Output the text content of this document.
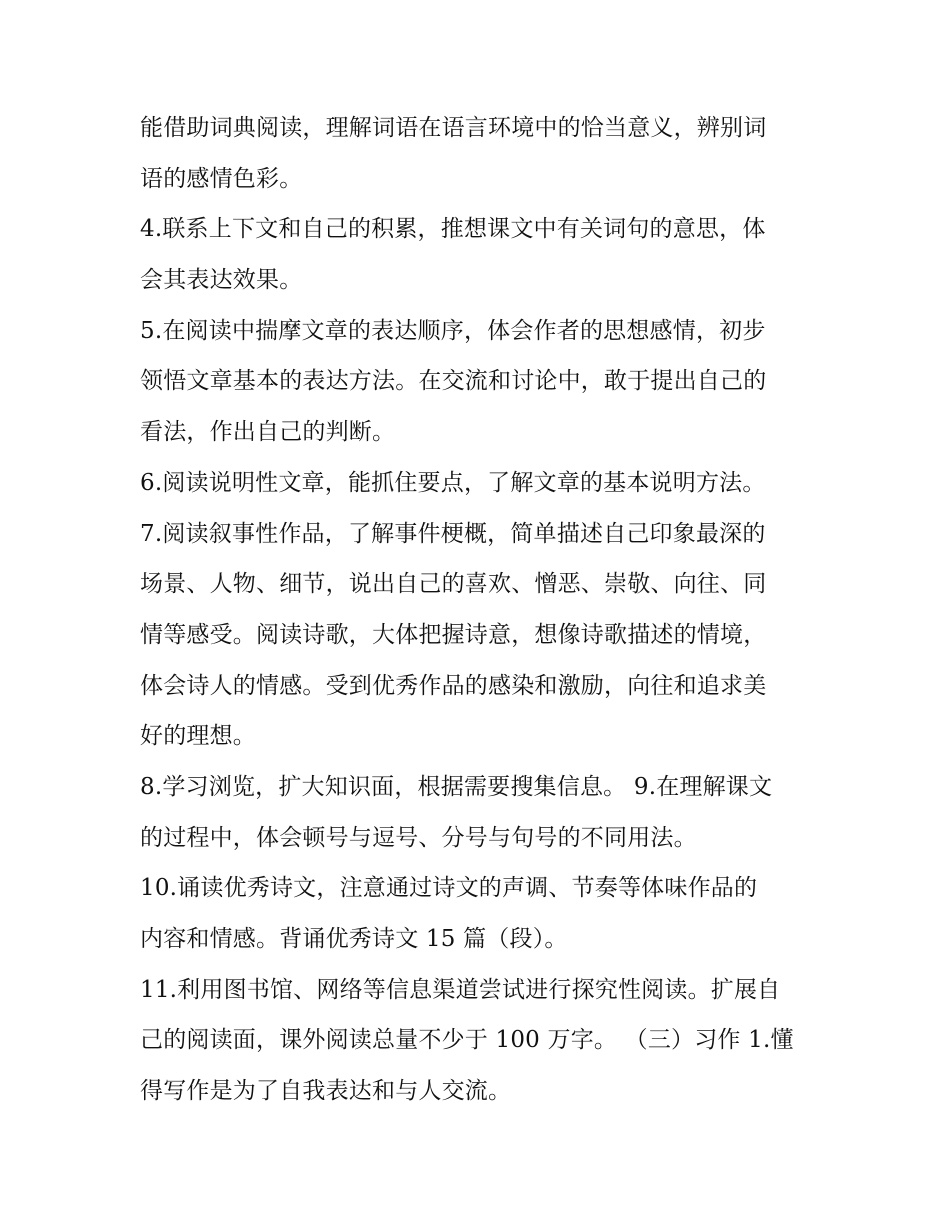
能借助词典阅读，理解词语在语言环境中的恰当意义，辨别词
语的感情色彩。
4.联系上下文和自己的积累，推想课文中有关词句的意思，体
会其表达效果。
5.在阅读中揣摩文章的表达顺序，体会作者的思想感情，初步
领悟文章基本的表达方法。在交流和讨论中，敢于提出自己的
看法，作出自己的判断。
6.阅读说明性文章，能抓住要点，了解文章的基本说明方法。
7.阅读叙事性作品，了解事件梗概，简单描述自己印象最深的
场景、人物、细节，说出自己的喜欢、憎恶、崇敬、向往、同
情等感受。阅读诗歌，大体把握诗意，想像诗歌描述的情境，
体会诗人的情感。受到优秀作品的感染和激励，向往和追求美
好的理想。
8.学习浏览，扩大知识面，根据需要搜集信息。 9.在理解课文
的过程中，体会顿号与逗号、分号与句号的不同用法。
10.诵读优秀诗文，注意通过诗文的声调、节奏等体味作品的
内容和情感。背诵优秀诗文 15 篇（段）。
11.利用图书馆、网络等信息渠道尝试进行探究性阅读。扩展自
己的阅读面，课外阅读总量不少于 100 万字。 （三）习作 1.懂
得写作是为了自我表达和与人交流。
